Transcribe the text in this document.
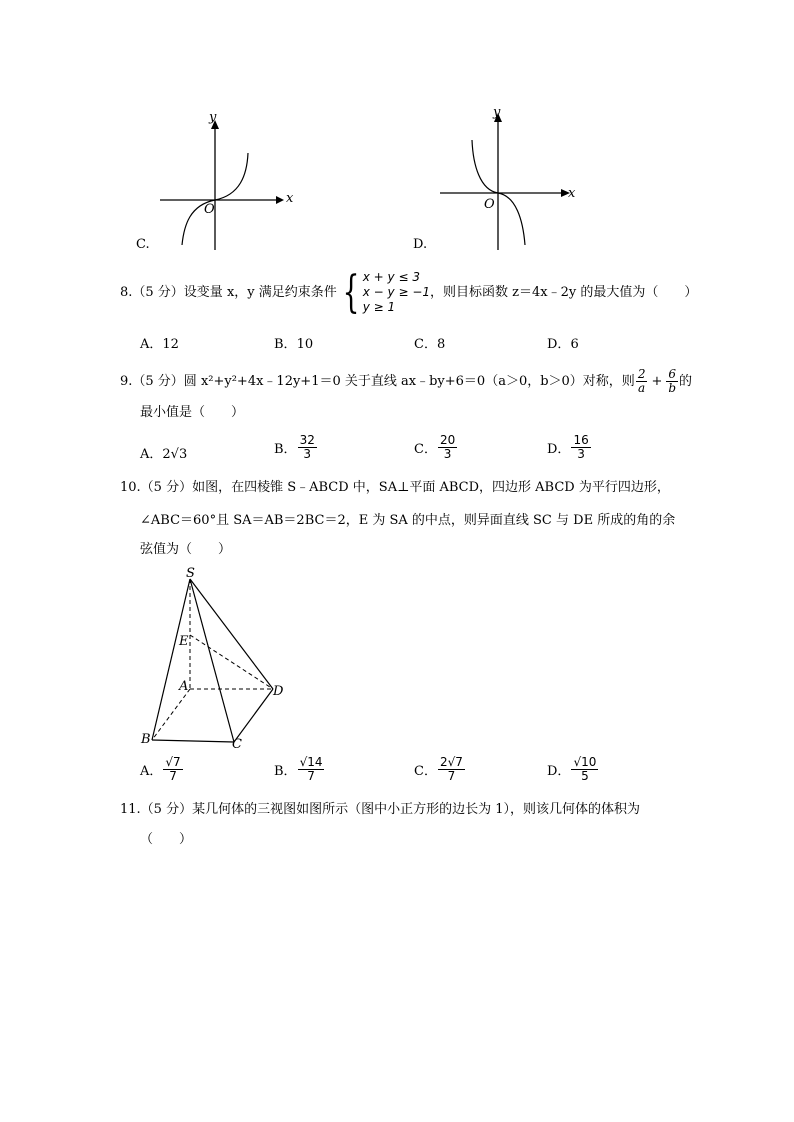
y
x
O
C.
y
x
O
D.
8.（5 分）设变量 x，y 满足约束条件 { x + y ≤ 3
x − y ≥ −1
y ≥ 1
，则目标函数 z＝4x﹣2y 的最大值为（　　）
A．12	B．10	C．8	D．6
9.（5 分）圆 x²+y²+4x﹣12y+1＝0 关于直线 ax﹣by+6＝0（a＞0，b＞0）对称，则 $\frac{2}{a} + \frac{6}{b}$ 的
最小值是（　　）
A．2√3	B． $\frac{32}{3}$	C． $\frac{20}{3}$	D． $\frac{16}{3}$
10.（5 分）如图，在四棱锥 S﹣ABCD 中，SA⊥平面 ABCD，四边形 ABCD 为平行四边形，
∠ABC＝60°且 SA＝AB＝2BC＝2，E 为 SA 的中点，则异面直线 SC 与 DE 所成的角的余
弦值为（　　）
S
E
A	D
B	C
A． $\frac{√7}{7}$	B． $\frac{√14}{7}$	C． $\frac{2√7}{7}$	D． $\frac{√10}{5}$
11.（5 分）某几何体的三视图如图所示（图中小正方形的边长为 1），则该几何体的体积为
（　　）
